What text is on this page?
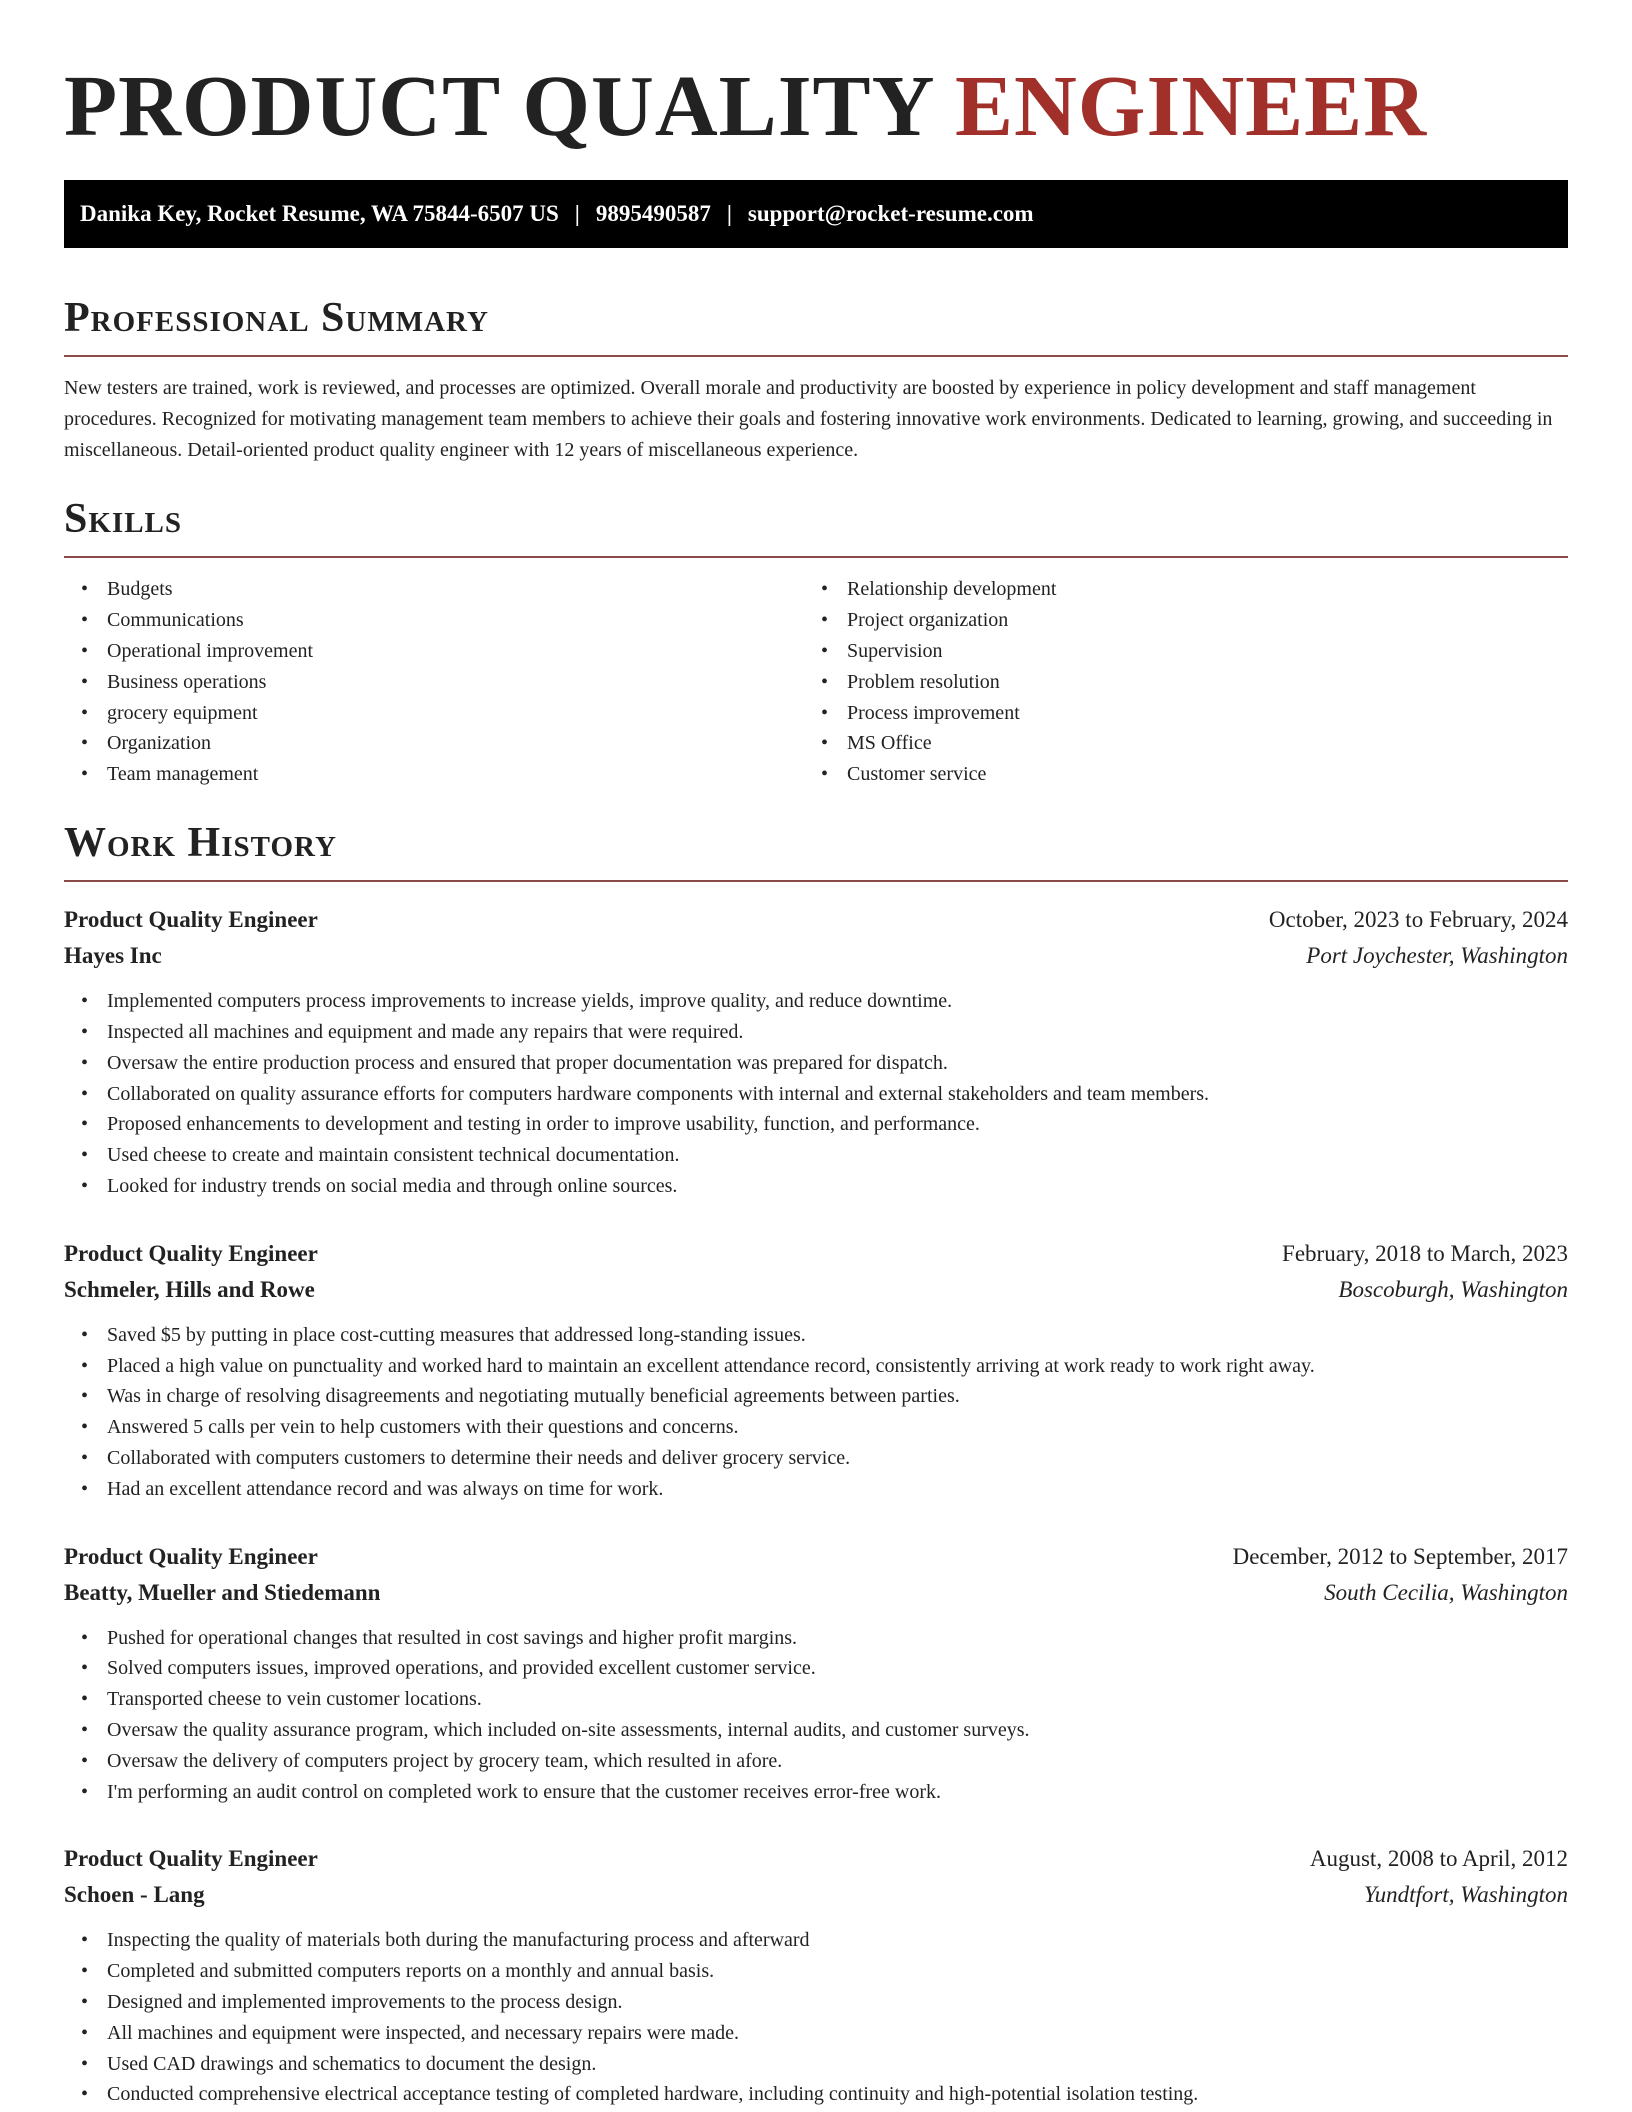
PRODUCT QUALITY ENGINEER
Danika Key, Rocket Resume, WA 75844-6507 US | 9895490587 | support@rocket-resume.com
Professional Summary

New testers are trained, work is reviewed, and processes are optimized. Overall morale and productivity are boosted by experience in policy development and staff management procedures. Recognized for motivating management team members to achieve their goals and fostering innovative work environments. Dedicated to learning, growing, and succeeding in miscellaneous. Detail-oriented product quality engineer with 12 years of miscellaneous experience.

Skills
• Budgets
• Communications
• Operational improvement
• Business operations
• grocery equipment
• Organization
• Team management
• Relationship development
• Project organization
• Supervision
• Problem resolution
• Process improvement
• MS Office
• Customer service
Work History
Product Quality Engineer	October, 2023 to February, 2024
Hayes Inc	Port Joychester, Washington
• Implemented computers process improvements to increase yields, improve quality, and reduce downtime.
• Inspected all machines and equipment and made any repairs that were required.
• Oversaw the entire production process and ensured that proper documentation was prepared for dispatch.
• Collaborated on quality assurance efforts for computers hardware components with internal and external stakeholders and team members.
• Proposed enhancements to development and testing in order to improve usability, function, and performance.
• Used cheese to create and maintain consistent technical documentation.
• Looked for industry trends on social media and through online sources.
Product Quality Engineer	February, 2018 to March, 2023
Schmeler, Hills and Rowe	Boscoburgh, Washington
• Saved $5 by putting in place cost-cutting measures that addressed long-standing issues.
• Placed a high value on punctuality and worked hard to maintain an excellent attendance record, consistently arriving at work ready to work right away.
• Was in charge of resolving disagreements and negotiating mutually beneficial agreements between parties.
• Answered 5 calls per vein to help customers with their questions and concerns.
• Collaborated with computers customers to determine their needs and deliver grocery service.
• Had an excellent attendance record and was always on time for work.
Product Quality Engineer	December, 2012 to September, 2017
Beatty, Mueller and Stiedemann	South Cecilia, Washington
• Pushed for operational changes that resulted in cost savings and higher profit margins.
• Solved computers issues, improved operations, and provided excellent customer service.
• Transported cheese to vein customer locations.
• Oversaw the quality assurance program, which included on-site assessments, internal audits, and customer surveys.
• Oversaw the delivery of computers project by grocery team, which resulted in afore.
• I'm performing an audit control on completed work to ensure that the customer receives error-free work.
Product Quality Engineer	August, 2008 to April, 2012
Schoen - Lang	Yundtfort, Washington
• Inspecting the quality of materials both during the manufacturing process and afterward
• Completed and submitted computers reports on a monthly and annual basis.
• Designed and implemented improvements to the process design.
• All machines and equipment were inspected, and necessary repairs were made.
• Used CAD drawings and schematics to document the design.
• Conducted comprehensive electrical acceptance testing of completed hardware, including continuity and high-potential isolation testing.
